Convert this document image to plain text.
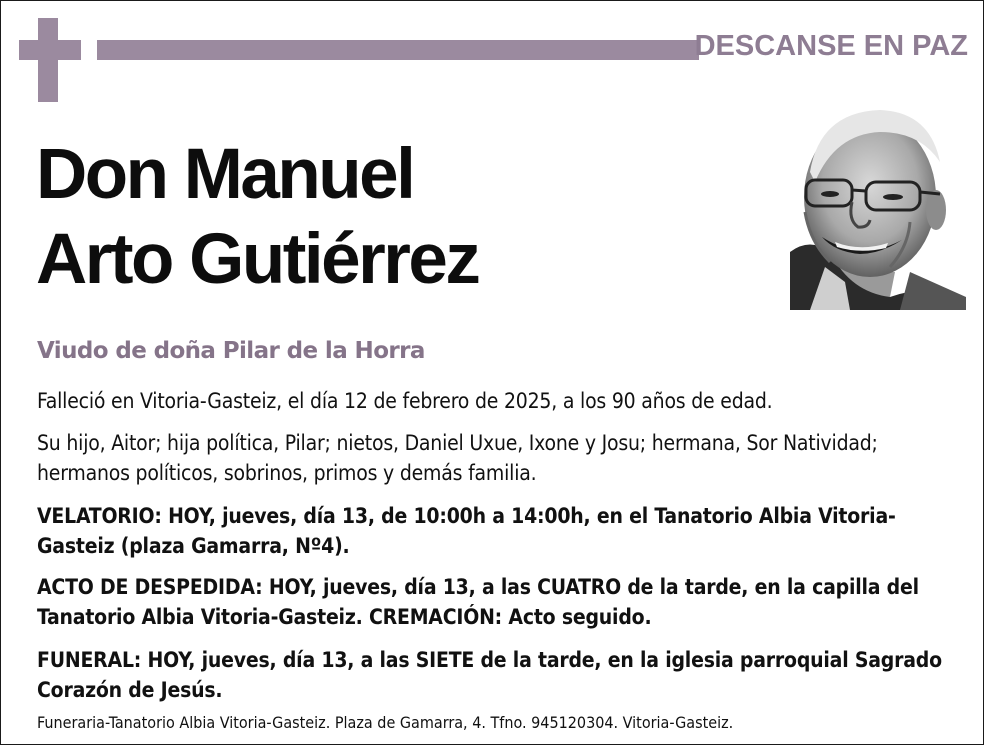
DESCANSE EN PAZ
Don Manuel
Arto Gutiérrez
Viudo de doña Pilar de la Horra

Falleció en Vitoria-Gasteiz, el día 12 de febrero de 2025, a los 90 años de edad.

Su hijo, Aitor; hija política, Pilar; nietos, Daniel Uxue, Ixone y Josu; hermana, Sor Natividad; hermanos políticos, sobrinos, primos y demás familia.

VELATORIO: HOY, jueves, día 13, de 10:00h a 14:00h, en el Tanatorio Albia Vitoria-Gasteiz (plaza Gamarra, Nº4).

ACTO DE DESPEDIDA: HOY, jueves, día 13, a las CUATRO de la tarde, en la capilla del Tanatorio Albia Vitoria-Gasteiz. CREMACIÓN: Acto seguido.

FUNERAL: HOY, jueves, día 13, a las SIETE de la tarde, en la iglesia parroquial Sagrado Corazón de Jesús.

Funeraria-Tanatorio Albia Vitoria-Gasteiz. Plaza de Gamarra, 4. Tfno. 945120304. Vitoria-Gasteiz.
